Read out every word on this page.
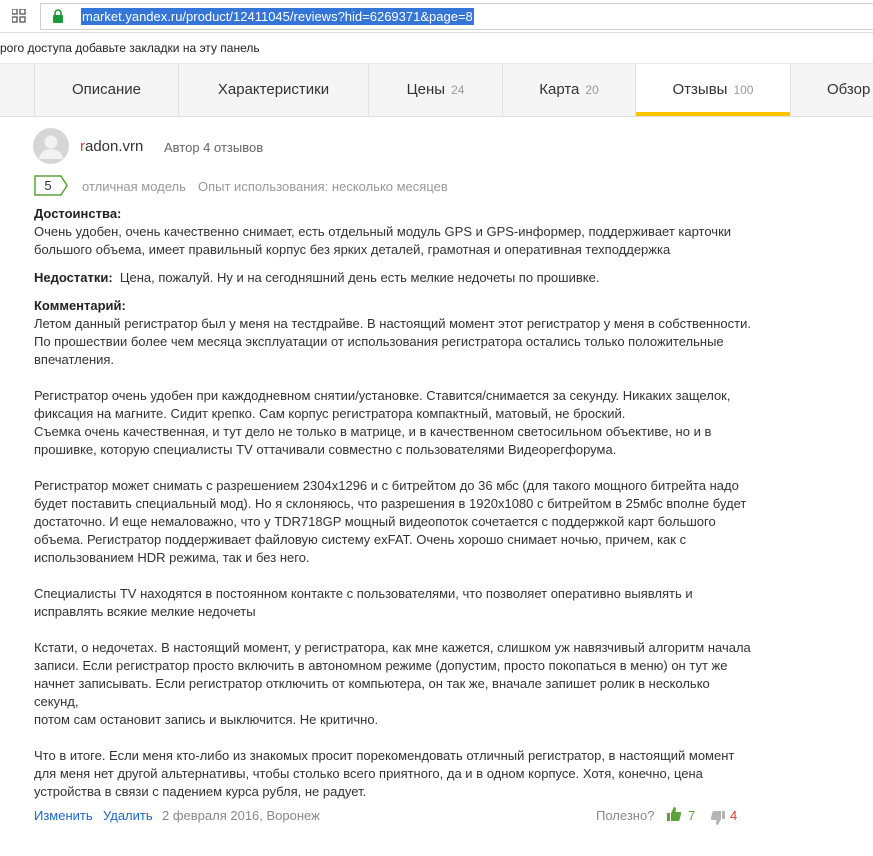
market.yandex.ru/product/12411045/reviews?hid=6269371&page=8
рого доступа добавьте закладки на эту панель
Описание	Характеристики	Цены 24	Карта 20	Отзывы 100	Обзор
radon.vrn Автор 4 отзывов
5	отличная модель Опыт использования: несколько месяцев
Достоинства:

Очень удобен, очень качественно снимает, есть отдельный модуль GPS и GPS-информер, поддерживает карточки
большого объема, имеет правильный корпус без ярких деталей, грамотная и оперативная техподдержка

Недостатки: Цена, пожалуй. Ну и на сегодняшний день есть мелкие недочеты по прошивке.

Комментарий:

Летом данный регистратор был у меня на тестдрайве. В настоящий момент этот регистратор у меня в собственности.
По прошествии более чем месяца эксплуатации от использования регистратора остались только положительные
впечатления.

Регистратор очень удобен при каждодневном снятии/установке. Ставится/снимается за секунду. Никаких защелок,
фиксация на магните. Сидит крепко. Сам корпус регистратора компактный, матовый, не броский.
Съемка очень качественная, и тут дело не только в матрице, и в качественном светосильном объективе, но и в
прошивке, которую специалисты TV оттачивали совместно с пользователями Видеорегфорума.

Регистратор может снимать с разрешением 2304x1296 и с битрейтом до 36 мбс (для такого мощного битрейта надо
будет поставить специальный мод). Но я склоняюсь, что разрешения в 1920x1080 с битрейтом в 25мбс вполне будет
достаточно. И еще немаловажно, что у TDR718GP мощный видеопоток сочетается с поддержкой карт большого
объема. Регистратор поддерживает файловую систему exFAT. Очень хорошо снимает ночью, причем, как с
использованием HDR режима, так и без него.

Специалисты TV находятся в постоянном контакте с пользователями, что позволяет оперативно выявлять и
исправлять всякие мелкие недочеты

Кстати, о недочетах. В настоящий момент, у регистратора, как мне кажется, слишком уж навязчивый алгоритм начала
записи. Если регистратор просто включить в автономном режиме (допустим, просто покопаться в меню) он тут же
начнет записывать. Если регистратор отключить от компьютера, он так же, вначале запишет ролик в несколько секунд,
потом сам остановит запись и выключится. Не критично.

Что в итоге. Если меня кто-либо из знакомых просит порекомендовать отличный регистратор, в настоящий момент
для меня нет другой альтернативы, чтобы столько всего приятного, да и в одном корпусе. Хотя, конечно, цена
устройства в связи с падением курса рубля, не радует.

Изменить Удалить 2 февраля 2016, Воронеж	Полезно?	7	4
